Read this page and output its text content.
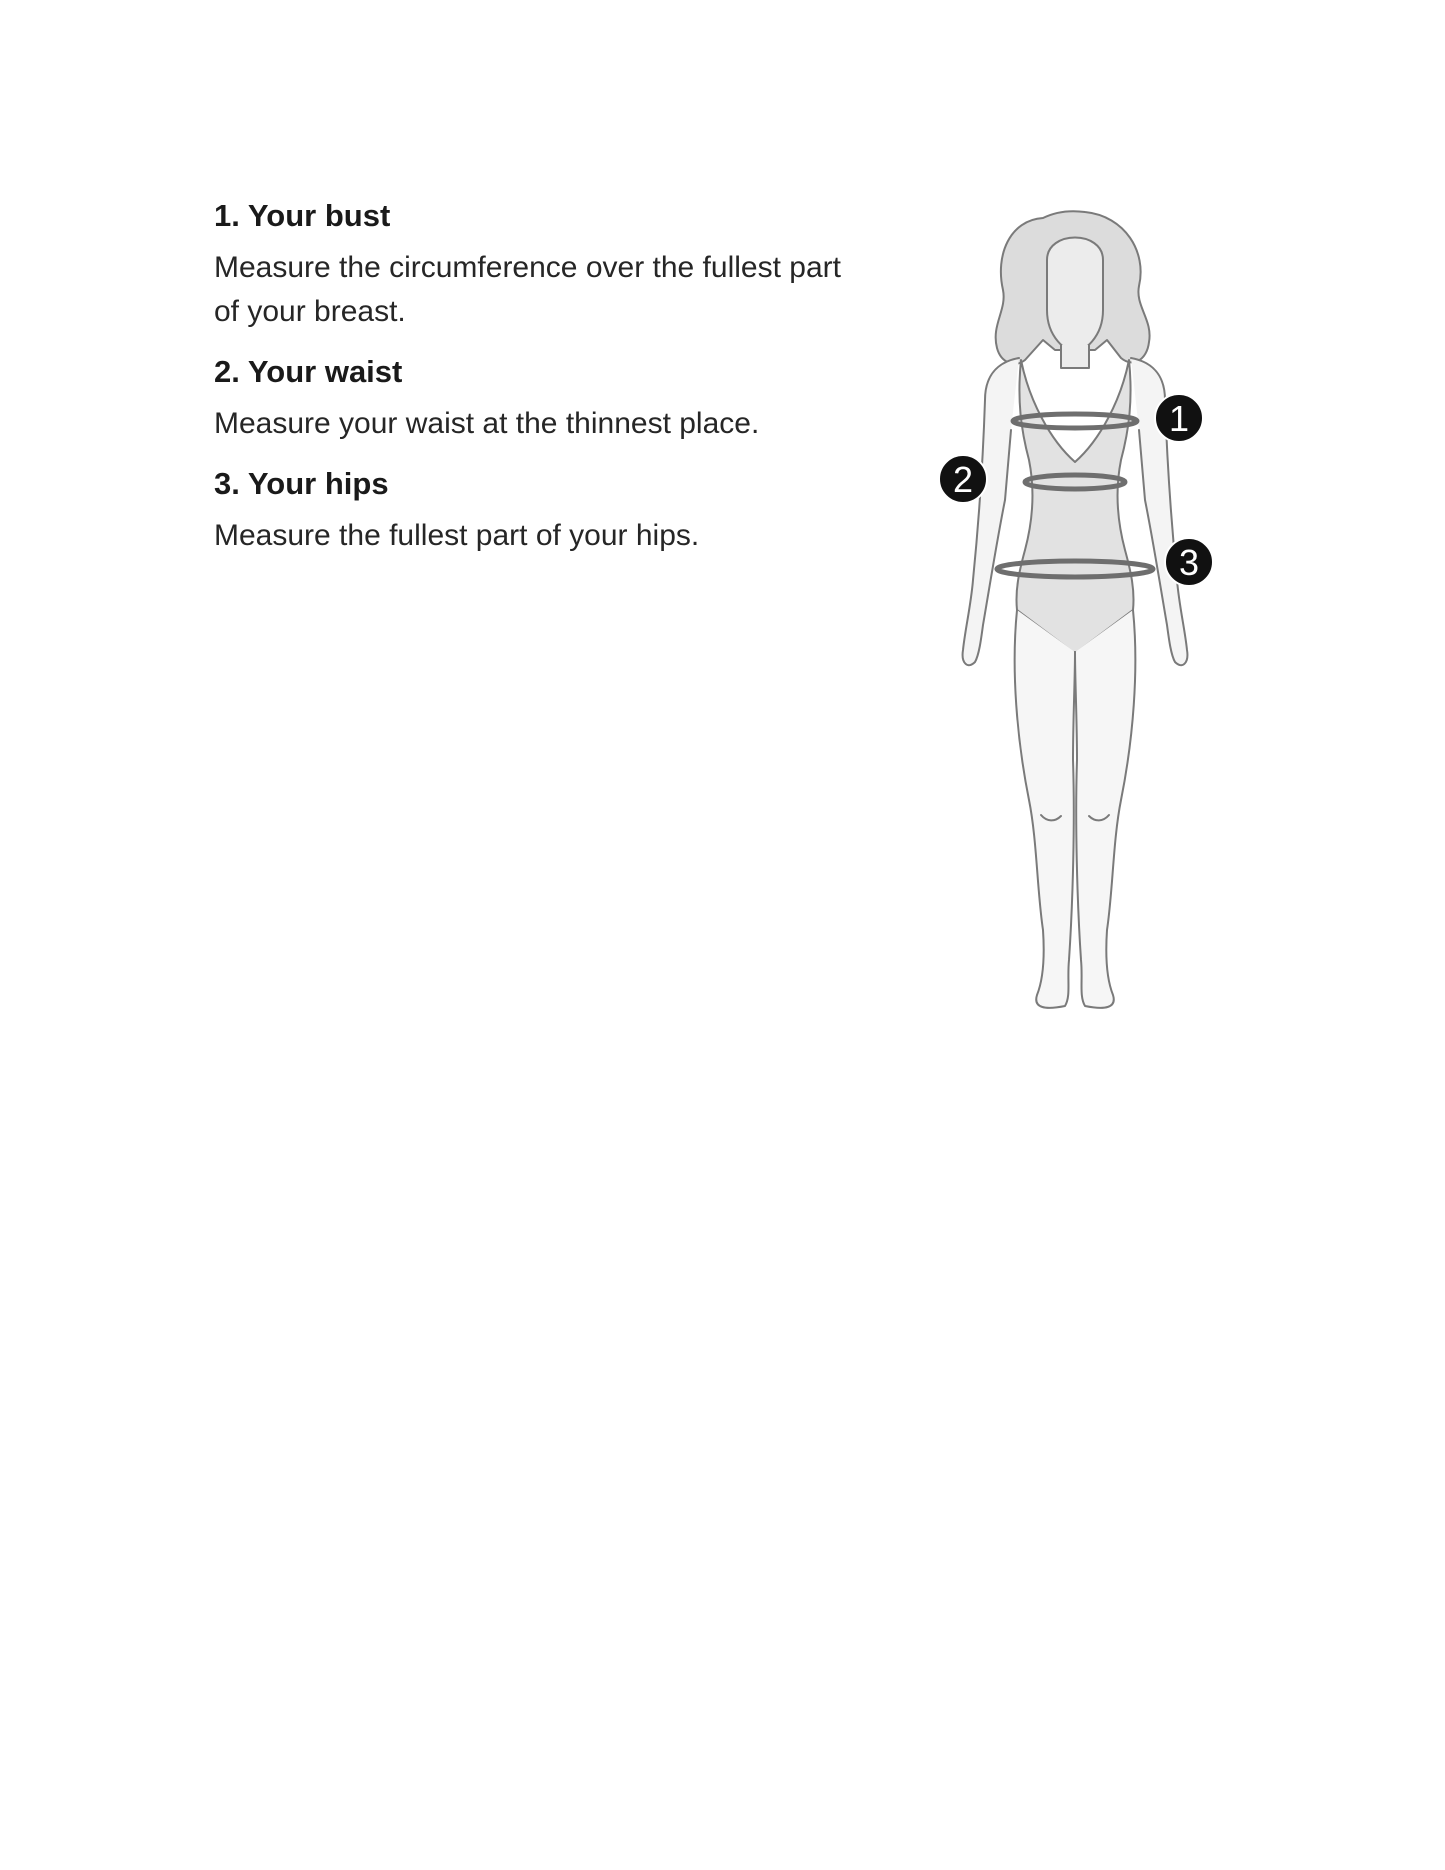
1. Your bust

Measure the circumference over the fullest part of your breast.

2. Your waist

Measure your waist at the thinnest place.

3. Your hips

Measure the fullest part of your hips.

1
2
3
